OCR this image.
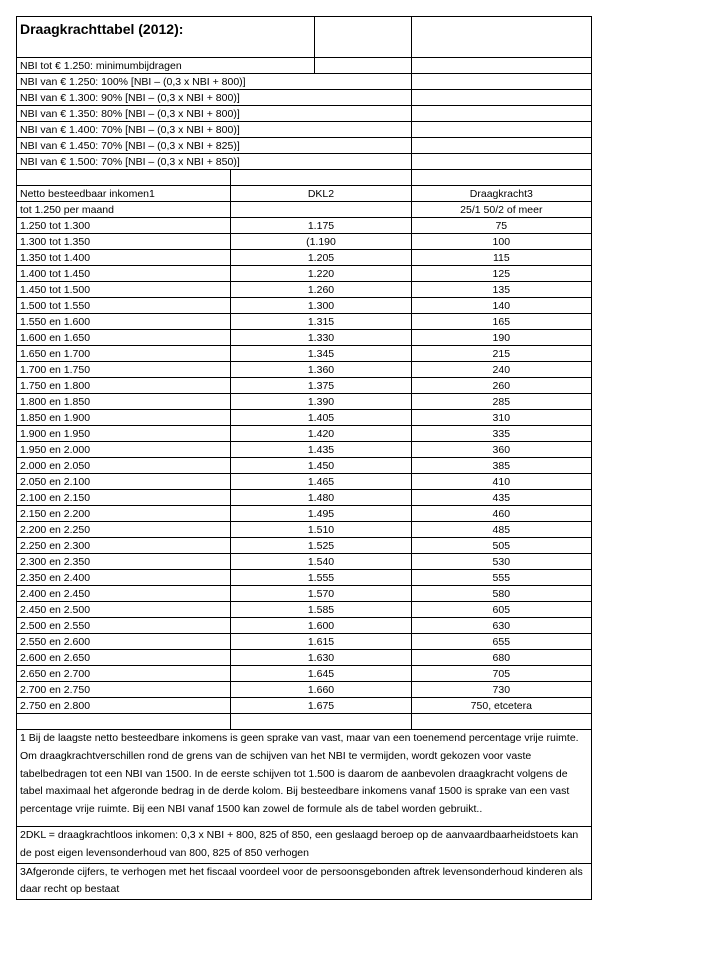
Draagkrachttabel (2012):			

NBI tot € 1.250: minimumbijdragen			
NBI van € 1.250: 100% [NBI – (0,3 x NBI + 800)]			
NBI van € 1.300: 90% [NBI – (0,3 x NBI + 800)]			
NBI van € 1.350: 80% [NBI – (0,3 x NBI + 800)]			
NBI van € 1.400: 70% [NBI – (0,3 x NBI + 800)]			
NBI van € 1.450: 70% [NBI – (0,3 x NBI + 825)]			
NBI van € 1.500: 70% [NBI – (0,3 x NBI + 850)]			

Netto besteedbaar inkomen1	DKL2		Draagkracht3
tot 1.250 per maand			25/1 50/2 of meer
1.250 tot 1.300	1.175		75
1.300 tot 1.350	(1.190		100
1.350 tot 1.400	1.205		115
1.400 tot 1.450	1.220		125
1.450 tot 1.500	1.260		135
1.500 tot 1.550	1.300		140
1.550 en 1.600	1.315		165
1.600 en 1.650	1.330		190
1.650 en 1.700	1.345		215
1.700 en 1.750	1.360		240
1.750 en 1.800	1.375		260
1.800 en 1.850	1.390		285
1.850 en 1.900	1.405		310
1.900 en 1.950	1.420		335
1.950 en 2.000	1.435		360
2.000 en 2.050	1.450		385
2.050 en 2.100	1.465		410
2.100 en 2.150	1.480		435
2.150 en 2.200	1.495		460
2.200 en 2.250	1.510		485
2.250 en 2.300	1.525		505
2.300 en 2.350	1.540		530
2.350 en 2.400	1.555		555
2.400 en 2.450	1.570		580
2.450 en 2.500	1.585		605
2.500 en 2.550	1.600		630
2.550 en 2.600	1.615		655
2.600 en 2.650	1.630		680
2.650 en 2.700	1.645		705
2.700 en 2.750	1.660		730
2.750 en 2.800	1.675		750, etcetera

1 Bij de laagste netto besteedbare inkomens is geen sprake van vast, maar van een toenemend percentage vrije ruimte. Om draagkrachtverschillen rond de grens van de schijven van het NBI te vermijden, wordt gekozen voor vaste tabelbedragen tot een NBI van 1500. In de eerste schijven tot 1.500 is daarom de aanbevolen draagkracht volgens de tabel maximaal het afgeronde bedrag in de derde kolom. Bij besteedbare inkomens vanaf 1500 is sprake van een vast percentage vrije ruimte. Bij een NBI vanaf 1500 kan zowel de formule als de tabel worden gebruikt..			
2DKL = draagkrachtloos inkomen: 0,3 x NBI + 800, 825 of 850, een geslaagd beroep op de aanvaardbaarheidstoets kan de post eigen levensonderhoud van 800, 825 of 850 verhogen			
3Afgeronde cijfers, te verhogen met het fiscaal voordeel voor de persoonsgebonden aftrek levensonderhoud kinderen als daar recht op bestaat			
